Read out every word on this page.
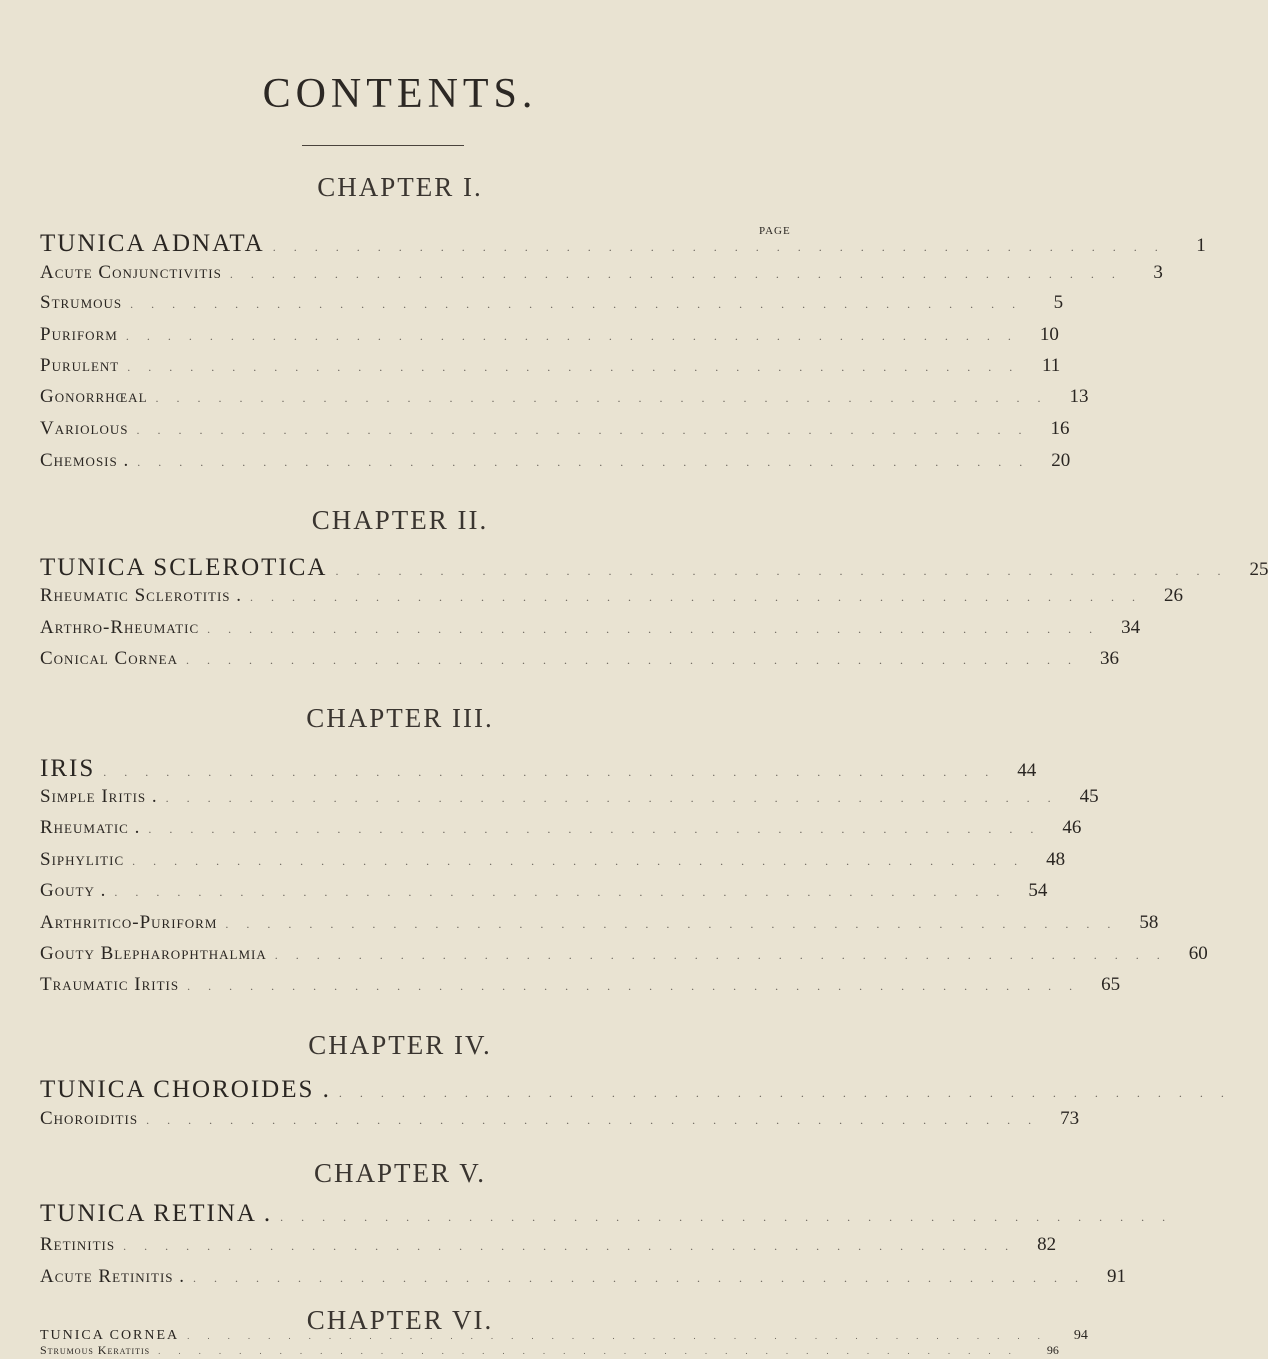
CONTENTS.
PAGE
CHAPTER I.
TUNICA ADNATA ...........................................	1
Acute Conjunctivitis ...........................................	3
Strumous ...........................................	5
Puriform ........................................... 10
Purulent ........................................... 11
Gonorrhœal ........................................... 13
Variolous ........................................... 16
Chemosis . ........................................... 20
CHAPTER II.
TUNICA SCLEROTICA ........................................... 25
Rheumatic Sclerotitis . ........................................... 26
Arthro-Rheumatic ........................................... 34
Conical Cornea ........................................... 36
CHAPTER III.
IRIS ........................................... 44
Simple Iritis . ........................................... 45
Rheumatic . ........................................... 46
Siphylitic ........................................... 48
Gouty . ........................................... 54
Arthritico-Puriform ........................................... 58
Gouty Blepharophthalmia ........................................... 60
Traumatic Iritis ........................................... 65
CHAPTER IV.
TUNICA CHOROIDES . ...........................................
Choroiditis ........................................... 73
CHAPTER V.
TUNICA RETINA . ...........................................
Retinitis ........................................... 82
Acute Retinitis . ........................................... 91
CHAPTER VI.
TUNICA CORNEA ...........................................	94
Strumous Keratitis ...........................................	96
